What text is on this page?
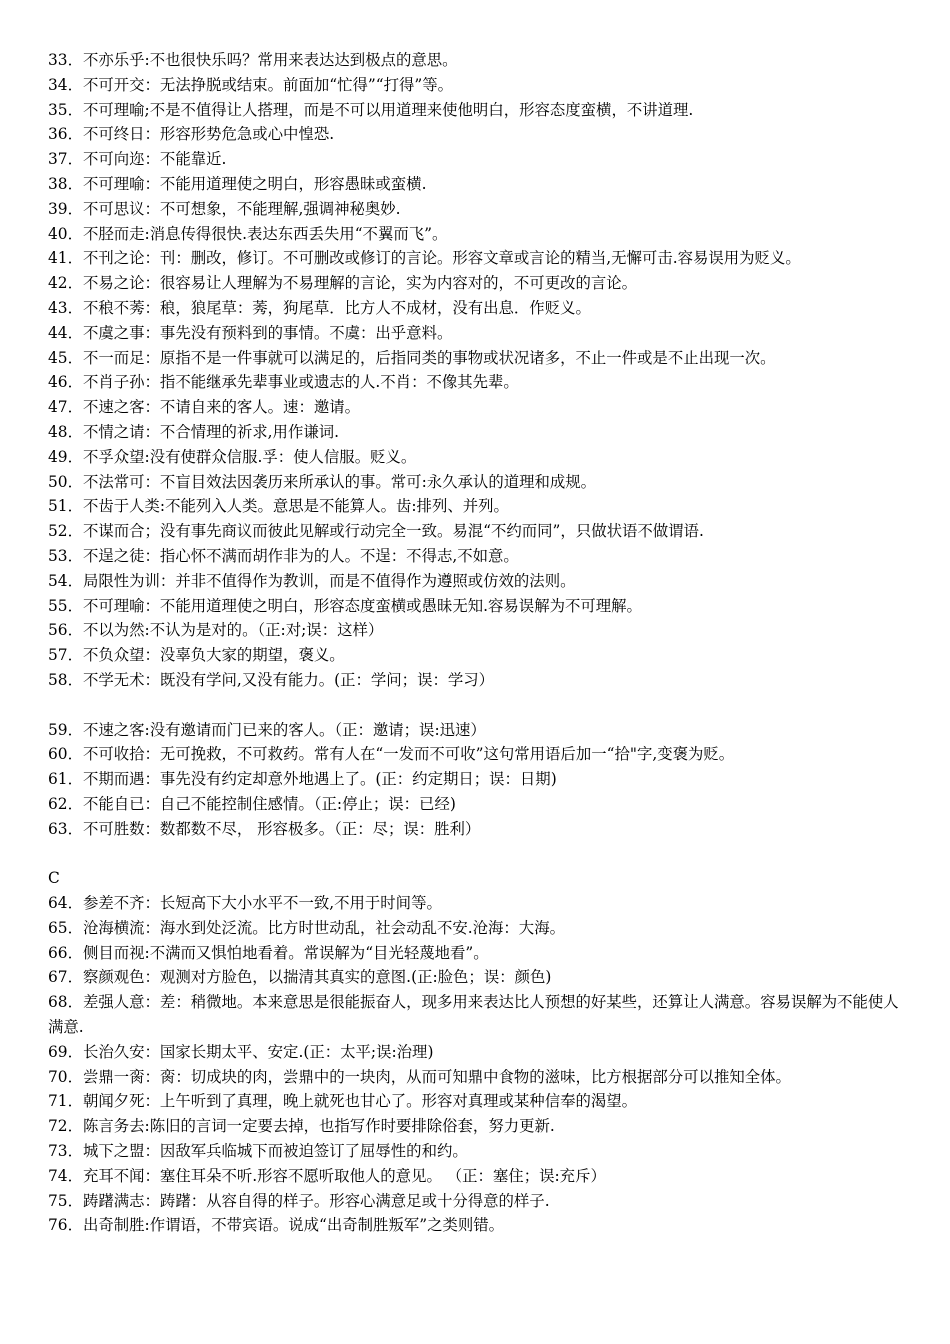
33．不亦乐乎:不也很快乐吗？常用来表达达到极点的意思。

34．不可开交：无法挣脱或结束。前面加“忙得”“打得”等。

35．不可理喻;不是不值得让人搭理，而是不可以用道理来使他明白，形容态度蛮横，不讲道理.

36．不可终日：形容形势危急或心中惶恐.

37．不可向迩：不能靠近.

38．不可理喻：不能用道理使之明白，形容愚昧或蛮横.

39．不可思议：不可想象，不能理解,强调神秘奥妙.

40．不胫而走:消息传得很快.表达东西丢失用“不翼而飞”。

41．不刊之论：刊：删改，修订。不可删改或修订的言论。形容文章或言论的精当,无懈可击.容易误用为贬义。

42．不易之论：很容易让人理解为不易理解的言论，实为内容对的，不可更改的言论。

43．不稂不莠：稂，狼尾草：莠，狗尾草．比方人不成材，没有出息．作贬义。

44．不虞之事：事先没有预料到的事情。不虞：出乎意料。

45．不一而足：原指不是一件事就可以满足的，后指同类的事物或状况诸多，不止一件或是不止出现一次。

46．不肖子孙：指不能继承先辈事业或遗志的人.不肖：不像其先辈。

47．不速之客：不请自来的客人。速：邀请。

48．不情之请：不合情理的祈求,用作谦词.

49．不孚众望:没有使群众信服.孚：使人信服。贬义。

50．不法常可：不盲目效法因袭历来所承认的事。常可:永久承认的道理和成规。

51．不齿于人类:不能列入人类。意思是不能算人。齿:排列、并列。

52．不谋而合；没有事先商议而彼此见解或行动完全一致。易混“不约而同”，只做状语不做谓语.

53．不逞之徒：指心怀不满而胡作非为的人。不逞：不得志,不如意。

54．局限性为训：并非不值得作为教训，而是不值得作为遵照或仿效的法则。

55．不可理喻：不能用道理使之明白，形容态度蛮横或愚昧无知.容易误解为不可理解。

56．不以为然:不认为是对的。（正:对;误：这样）

57．不负众望：没辜负大家的期望，褒义。

58．不学无术：既没有学问,又没有能力。(正：学问；误：学习）

59．不速之客:没有邀请而门已来的客人。（正：邀请；误:迅速）

60．不可收拾：无可挽救，不可救药。常有人在“一发而不可收”这句常用语后加一“拾"字,变褒为贬。

61．不期而遇：事先没有约定却意外地遇上了。(正：约定期日；误：日期)

62．不能自已：自己不能控制住感情。（正:停止；误：已经)

63．不可胜数：数都数不尽， 形容极多。（正：尽；误：胜利）

C

64．参差不齐：长短高下大小水平不一致,不用于时间等。

65．沧海横流：海水到处泛流。比方时世动乱，社会动乱不安.沧海：大海。

66．侧目而视:不满而又惧怕地看着。常误解为“目光轻蔑地看”。

67．察颜观色：观测对方脸色，以揣清其真实的意图.(正:脸色；误：颜色)

68．差强人意：差：稍微地。本来意思是很能振奋人，现多用来表达比人预想的好某些，还算让人满意。容易误解为不能使人满意.

69．长治久安：国家长期太平、安定.(正：太平;误:治理)

70．尝鼎一脔：脔：切成块的肉，尝鼎中的一块肉，从而可知鼎中食物的滋味，比方根据部分可以推知全体。

71．朝闻夕死：上午听到了真理，晚上就死也甘心了。形容对真理或某种信奉的渴望。

72．陈言务去:陈旧的言词一定要去掉，也指写作时要排除俗套，努力更新.

73．城下之盟：因敌军兵临城下而被迫签订了屈辱性的和约。

74．充耳不闻：塞住耳朵不听.形容不愿听取他人的意见。 （正：塞住；误:充斥）

75．踌躇满志：踌躇：从容自得的样子。形容心满意足或十分得意的样子.

76．出奇制胜:作谓语，不带宾语。说成“出奇制胜叛军”之类则错。
